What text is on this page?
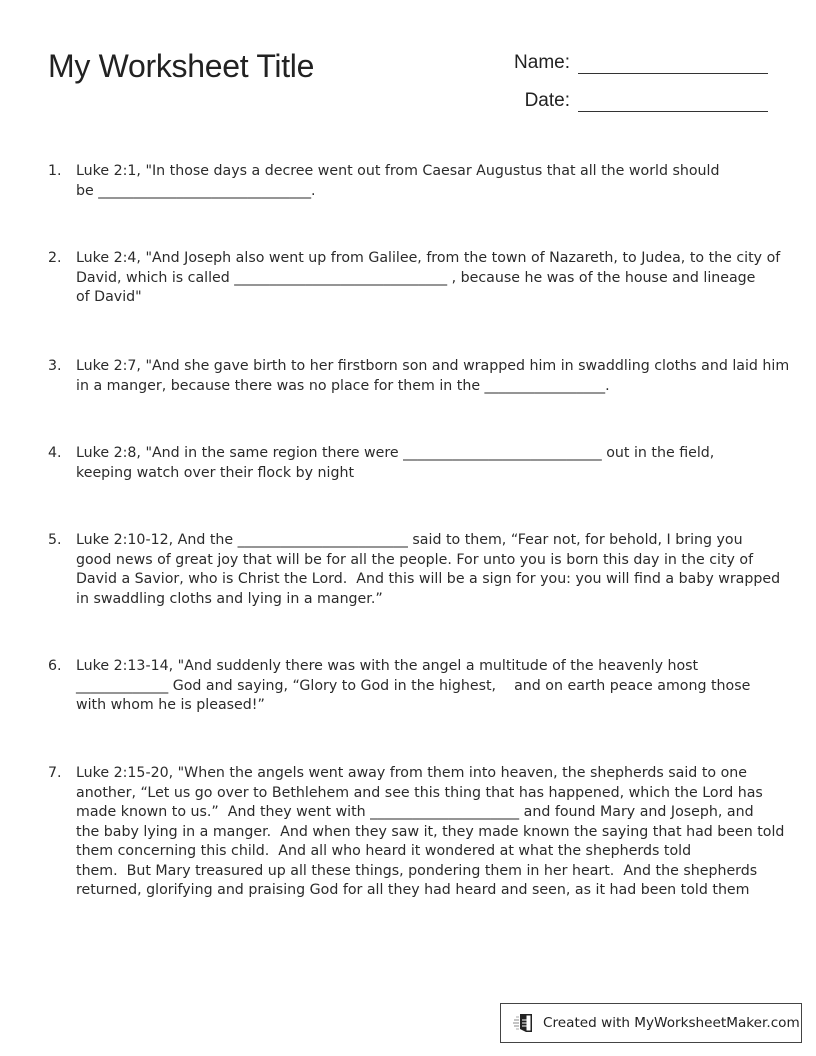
My Worksheet Title	Name:
Date:
1.	Luke 2:1, "In those days a decree went out from Caesar Augustus that all the world should
be ______________________________.
2.	Luke 2:4, "And Joseph also went up from Galilee, from the town of Nazareth, to Judea, to the city of
David, which is called ______________________________ , because he was of the house and lineage
of David"
3.	Luke 2:7, "And she gave birth to her firstborn son and wrapped him in swaddling cloths and laid him
in a manger, because there was no place for them in the _________________.
4.	Luke 2:8, "And in the same region there were ____________________________ out in the field,
keeping watch over their flock by night
5.	Luke 2:10-12, And the ________________________ said to them, “Fear not, for behold, I bring you
good news of great joy that will be for all the people. For unto you is born this day in the city of
David a Savior, who is Christ the Lord.  And this will be a sign for you: you will find a baby wrapped
in swaddling cloths and lying in a manger.”
6.	Luke 2:13-14, "And suddenly there was with the angel a multitude of the heavenly host
_____________ God and saying, “Glory to God in the highest,    and on earth peace among those
with whom he is pleased!”
7.	Luke 2:15-20, "When the angels went away from them into heaven, the shepherds said to one
another, “Let us go over to Bethlehem and see this thing that has happened, which the Lord has
made known to us.”  And they went with _____________________ and found Mary and Joseph, and
the baby lying in a manger.  And when they saw it, they made known the saying that had been told
them concerning this child.  And all who heard it wondered at what the shepherds told
them.  But Mary treasured up all these things, pondering them in her heart.  And the shepherds
returned, glorifying and praising God for all they had heard and seen, as it had been told them
Created with MyWorksheetMaker.com
